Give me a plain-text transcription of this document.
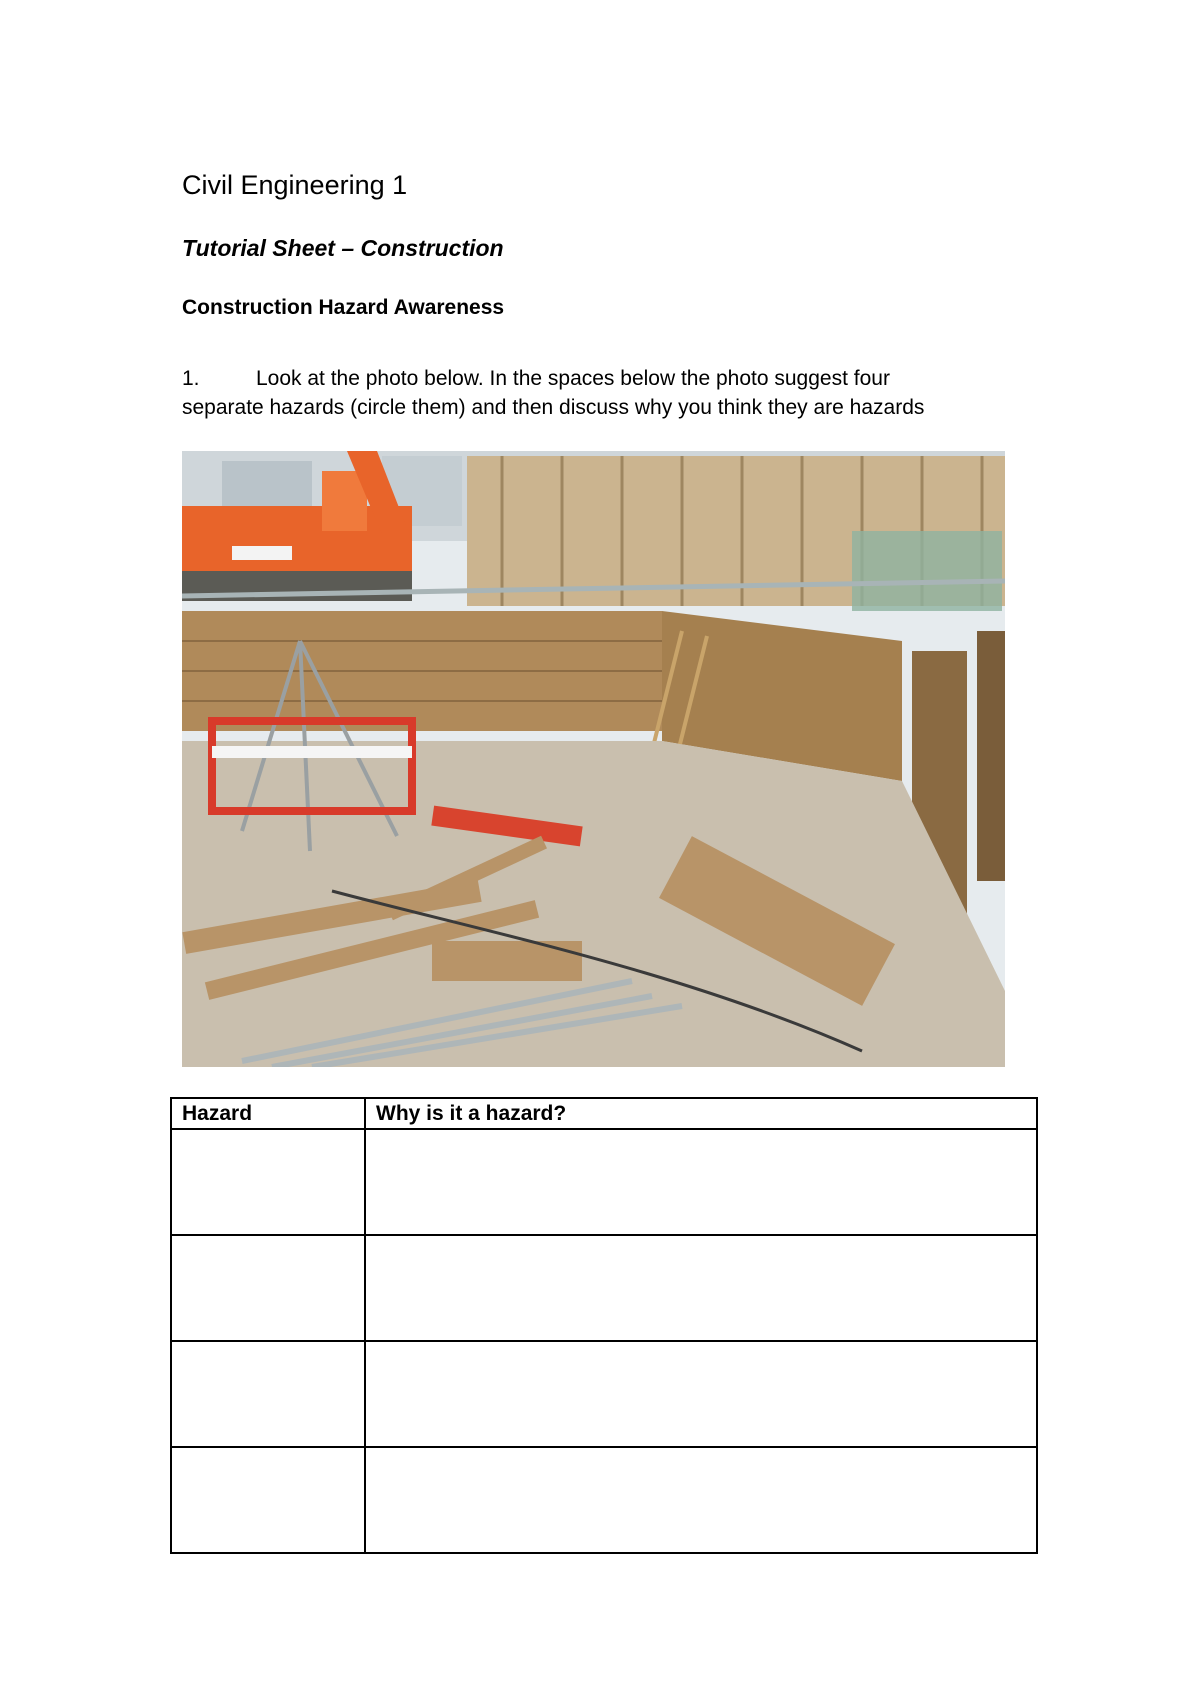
Civil Engineering 1
Tutorial Sheet – Construction
Construction Hazard Awareness
1.	Look at the photo below. In the spaces below the photo suggest four
separate hazards (circle them) and then discuss why you think they are hazards
Hazard	Why is it a hazard?
